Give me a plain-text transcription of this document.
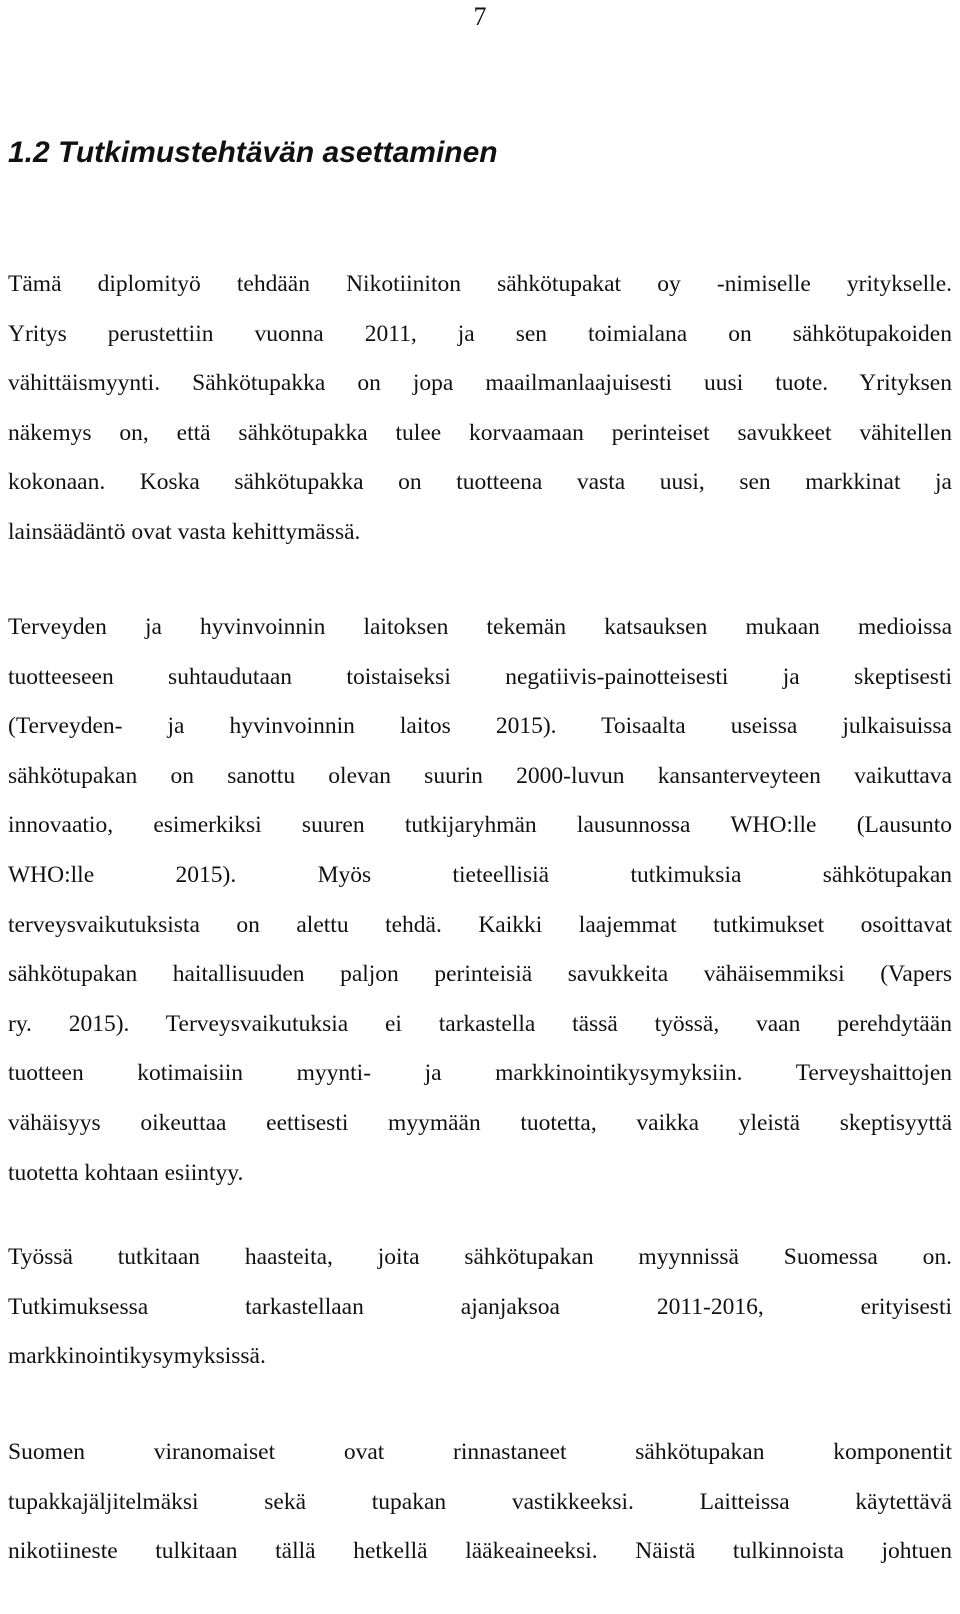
7
1.2 Tutkimustehtävän asettaminen

Tämä diplomityö tehdään Nikotiiniton sähkötupakat oy -nimiselle yritykselle.
Yritys perustettiin vuonna 2011, ja sen toimialana on sähkötupakoiden
vähittäismyynti. Sähkötupakka on jopa maailmanlaajuisesti uusi tuote. Yrityksen
näkemys on, että sähkötupakka tulee korvaamaan perinteiset savukkeet vähitellen
kokonaan. Koska sähkötupakka on tuotteena vasta uusi, sen markkinat ja
lainsäädäntö ovat vasta kehittymässä.

Terveyden ja hyvinvoinnin laitoksen tekemän katsauksen mukaan medioissa
tuotteeseen suhtaudutaan toistaiseksi negatiivis-painotteisesti ja skeptisesti
(Terveyden- ja hyvinvoinnin laitos 2015). Toisaalta useissa julkaisuissa
sähkötupakan on sanottu olevan suurin 2000-luvun kansanterveyteen vaikuttava
innovaatio, esimerkiksi suuren tutkijaryhmän lausunnossa WHO:lle (Lausunto
WHO:lle 2015). Myös tieteellisiä tutkimuksia sähkötupakan
terveysvaikutuksista on alettu tehdä. Kaikki laajemmat tutkimukset osoittavat
sähkötupakan haitallisuuden paljon perinteisiä savukkeita vähäisemmiksi (Vapers
ry. 2015). Terveysvaikutuksia ei tarkastella tässä työssä, vaan perehdytään
tuotteen kotimaisiin myynti- ja markkinointikysymyksiin. Terveyshaittojen
vähäisyys oikeuttaa eettisesti myymään tuotetta, vaikka yleistä skeptisyyttä
tuotetta kohtaan esiintyy.

Työssä tutkitaan haasteita, joita sähkötupakan myynnissä Suomessa on.
Tutkimuksessa tarkastellaan ajanjaksoa 2011-2016, erityisesti
markkinointikysymyksissä.

Suomen viranomaiset ovat rinnastaneet sähkötupakan komponentit
tupakkajäljitelmäksi sekä tupakan vastikkeeksi. Laitteissa käytettävä
nikotiineste tulkitaan tällä hetkellä lääkeaineeksi. Näistä tulkinnoista johtuen
